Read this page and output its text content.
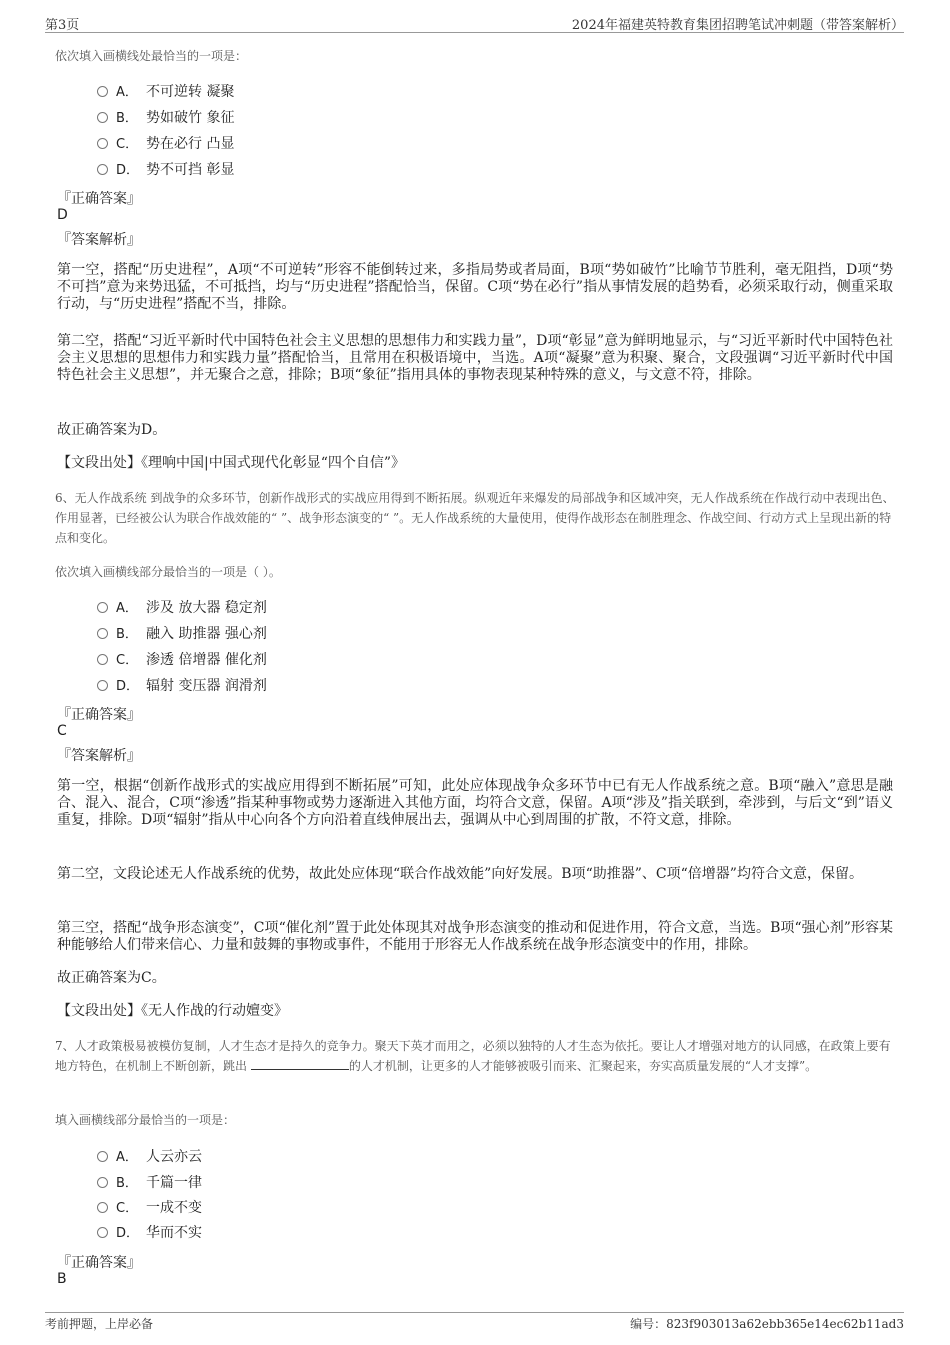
第3页	2024年福建英特教育集团招聘笔试冲刺题（带答案解析）
依次填入画横线处最恰当的一项是：
A． 不可逆转 凝聚
B． 势如破竹 象征
C． 势在必行 凸显
D． 势不可挡 彰显
『正确答案』
D
『答案解析』
第一空，搭配“历史进程”，A项“不可逆转”形容不能倒转过来，多指局势或者局面，B项“势如破竹”比喻节节胜利，毫无阻挡，D项“势不可挡”意为来势迅猛，不可抵挡，均与“历史进程”搭配恰当，保留。C项“势在必行”指从事情发展的趋势看，必须采取行动，侧重采取行动，与“历史进程”搭配不当，排除。
第二空，搭配“习近平新时代中国特色社会主义思想的思想伟力和实践力量”，D项“彰显”意为鲜明地显示，与“习近平新时代中国特色社会主义思想的思想伟力和实践力量”搭配恰当，且常用在积极语境中，当选。A项“凝聚”意为积聚、聚合，文段强调“习近平新时代中国特色社会主义思想”，并无聚合之意，排除；B项“象征”指用具体的事物表现某种特殊的意义，与文意不符，排除。
故正确答案为D。
【文段出处】《理响中国|中国式现代化彰显“四个自信”》
6、无人作战系统 到战争的众多环节，创新作战形式的实战应用得到不断拓展。纵观近年来爆发的局部战争和区域冲突，无人作战系统在作战行动中表现出色、作用显著，已经被公认为联合作战效能的“ ”、战争形态演变的“ ”。无人作战系统的大量使用，使得作战形态在制胜理念、作战空间、行动方式上呈现出新的特点和变化。
依次填入画横线部分最恰当的一项是（ ）。
A． 涉及 放大器 稳定剂
B． 融入 助推器 强心剂
C． 渗透 倍增器 催化剂
D． 辐射 变压器 润滑剂
『正确答案』
C
『答案解析』
第一空，根据“创新作战形式的实战应用得到不断拓展”可知，此处应体现战争众多环节中已有无人作战系统之意。B项“融入”意思是融合、混入、混合，C项“渗透”指某种事物或势力逐渐进入其他方面，均符合文意，保留。A项“涉及”指关联到，牵涉到，与后文“到”语义重复，排除。D项“辐射”指从中心向各个方向沿着直线伸展出去，强调从中心到周围的扩散，不符文意，排除。
第二空，文段论述无人作战系统的优势，故此处应体现“联合作战效能”向好发展。B项“助推器”、C项“倍增器”均符合文意，保留。
第三空，搭配“战争形态演变”，C项“催化剂”置于此处体现其对战争形态演变的推动和促进作用，符合文意，当选。B项“强心剂”形容某种能够给人们带来信心、力量和鼓舞的事物或事件，不能用于形容无人作战系统在战争形态演变中的作用，排除。
故正确答案为C。
【文段出处】《无人作战的行动嬗变》
7、人才政策极易被模仿复制，人才生态才是持久的竞争力。聚天下英才而用之，必须以独特的人才生态为依托。要让人才增强对地方的认同感，在政策上要有地方特色，在机制上不断创新，跳出	的人才机制，让更多的人才能够被吸引而来、汇聚起来，夯实高质量发展的“人才支撑”。
填入画横线部分最恰当的一项是：
A． 人云亦云
B． 千篇一律
C． 一成不变
D． 华而不实
『正确答案』
B
考前押题，上岸必备	编号：823f903013a62ebb365e14ec62b11ad3
